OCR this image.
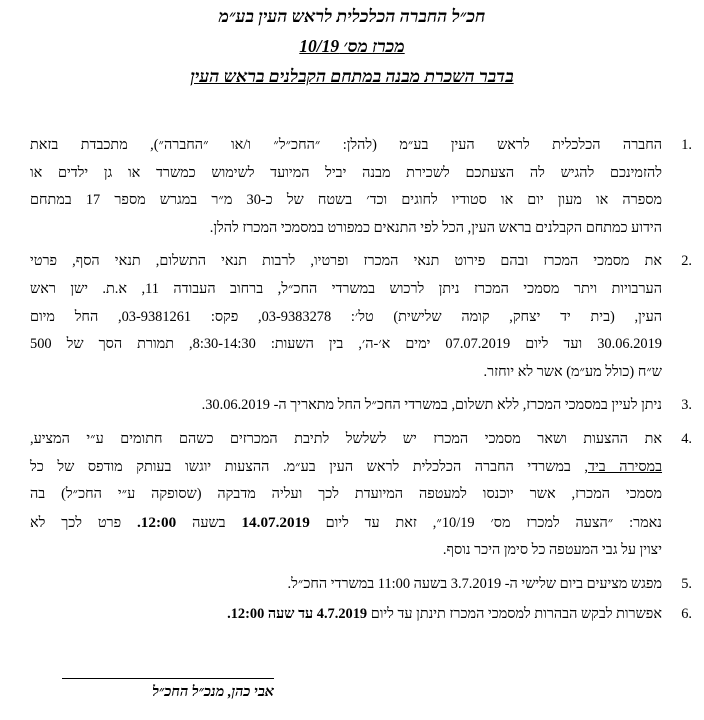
חכ״ל החברה הכלכלית לראש העין בע״מ
מכרז מס׳ 10/19
בדבר השכרת מבנה במתחם הקבלנים בראש העין
1.
החברה הכלכלית לראש העין בע״מ (להלן: ״החכ״ל״ ו/או ״החברה״), מתכבדת בזאת
להזמינכם להגיש לה הצעתכם לשכירת מבנה יביל המיועד לשימוש כמשרד או גן ילדים או
מספרה או מעון יום או סטודיו לחוגים וכד׳ בשטח של כ-30 מ״ר במגרש מספר 17 במתחם
הידוע כמתחם הקבלנים בראש העין, הכל לפי התנאים כמפורט במסמכי המכרז להלן.
2.
את מסמכי המכרז ובהם פירוט תנאי המכרז ופרטיו, לרבות תנאי התשלום, תנאי הסף, פרטי
הערבויות ויתר מסמכי המכרז ניתן לרכוש במשרדי החכ״ל, ברחוב העבודה 11, א.ת. ישן ראש
העין, (בית יד יצחק, קומה שלישית) טל׳: 03-9383278, פקס: 03-9381261, החל מיום
30.06.2019 ועד ליום 07.07.2019 ימים א׳-ה׳, בין השעות: 8:30-14:30, תמורת הסך של 500
ש״ח (כולל מע״מ) אשר לא יוחזר.
3.
ניתן לעיין במסמכי המכרז, ללא תשלום, במשרדי החכ״ל החל מתאריך ה- 30.06.2019.
4.
את ההצעות ושאר מסמכי המכרז יש לשלשל לתיבת המכרזים כשהם חתומים ע״י המציע,
במסירה ביד, במשרדי החברה הכלכלית לראש העין בע״מ. ההצעות יוגשו בעותק מודפס של כל
מסמכי המכרז, אשר יוכנסו למעטפה המיועדת לכך ועליה מדבקה (שסופקה ע״י החכ״ל) בה
נאמר: ״הצעה למכרז מס׳ 10/19״, זאת עד ליום 14.07.2019 בשעה 12:00. פרט לכך לא
יצוין על גבי המעטפה כל סימן היכר נוסף.
5.
מפגש מציעים ביום שלישי ה- 3.7.2019 בשעה 11:00 במשרדי החכ״ל.
6.
אפשרות לבקש הבהרות למסמכי המכרז תינתן עד ליום 4.7.2019 עד שעה 12:00.
אבי כהן, מנכ״ל החכ״ל
